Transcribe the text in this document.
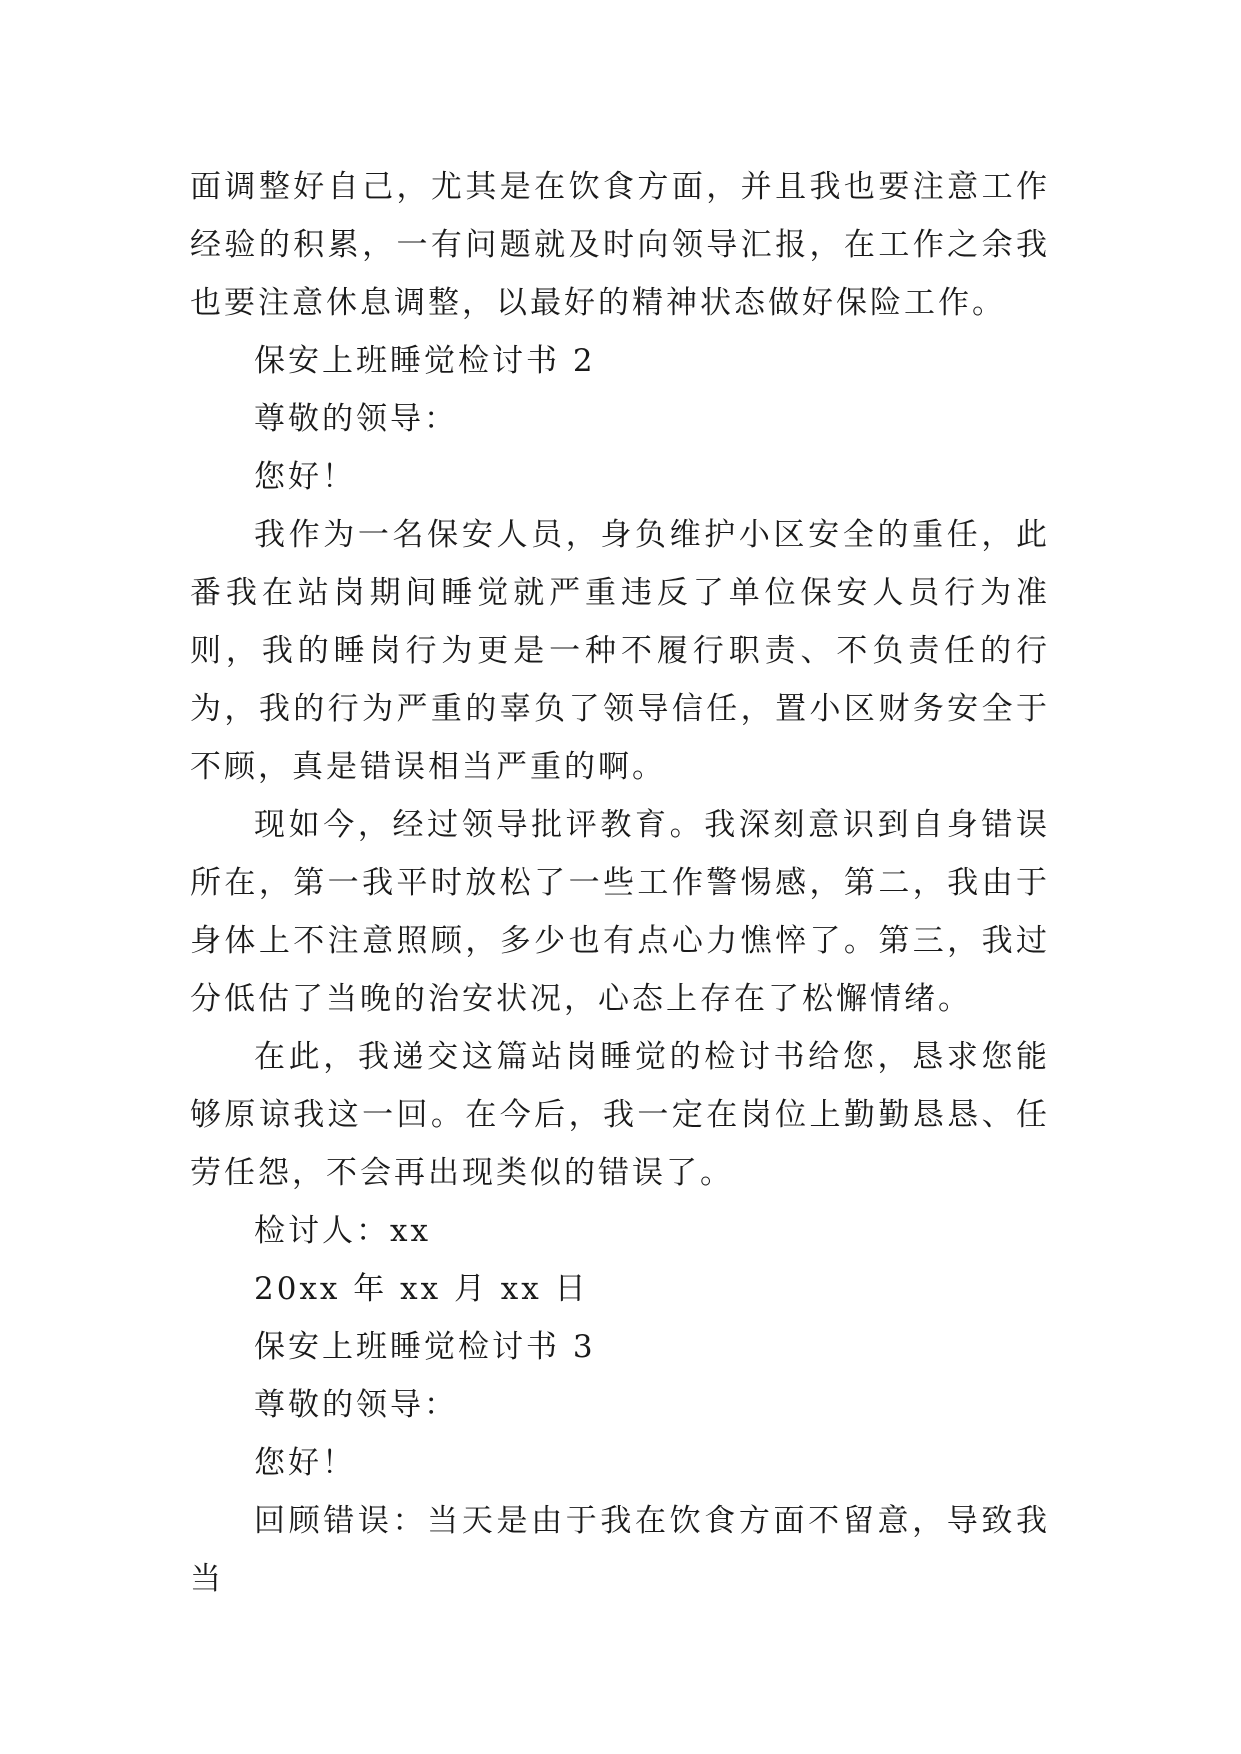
面调整好自己，尤其是在饮食方面，并且我也要注意工作经验的积累，一有问题就及时向领导汇报，在工作之余我也要注意休息调整，以最好的精神状态做好保险工作。

保安上班睡觉检讨书 2

尊敬的领导：

您好！

我作为一名保安人员，身负维护小区安全的重任，此番我在站岗期间睡觉就严重违反了单位保安人员行为准则，我的睡岗行为更是一种不履行职责、不负责任的行为，我的行为严重的辜负了领导信任，置小区财务安全于不顾，真是错误相当严重的啊。

现如今，经过领导批评教育。我深刻意识到自身错误所在，第一我平时放松了一些工作警惕感，第二，我由于身体上不注意照顾，多少也有点心力憔悴了。第三，我过分低估了当晚的治安状况，心态上存在了松懈情绪。

在此，我递交这篇站岗睡觉的检讨书给您，恳求您能够原谅我这一回。在今后，我一定在岗位上勤勤恳恳、任劳任怨，不会再出现类似的错误了。

检讨人：xx

20xx 年 xx 月 xx 日

保安上班睡觉检讨书 3

尊敬的领导：

您好！

回顾错误：当天是由于我在饮食方面不留意，导致我当
